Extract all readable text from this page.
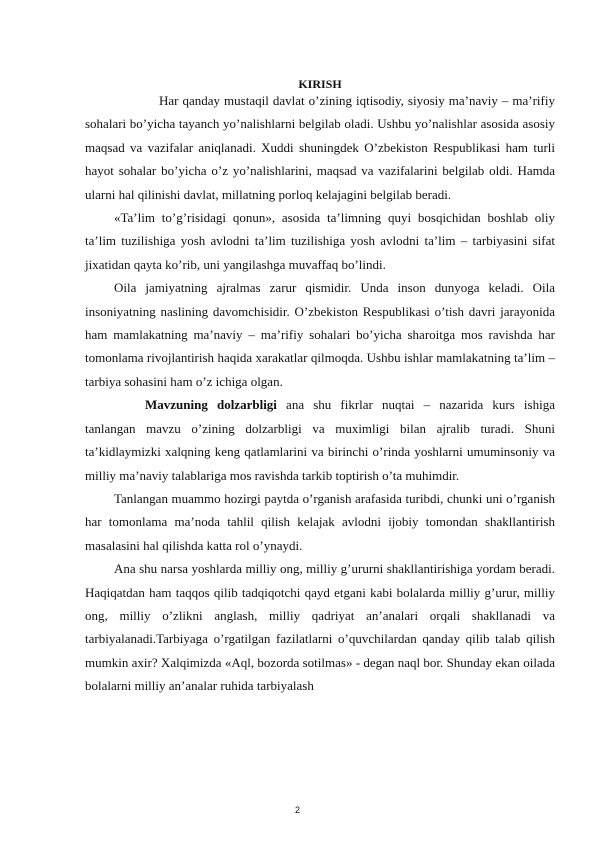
KIRISH

Har qanday mustaqil davlat o’zining iqtisodiy, siyosiy ma’naviy – ma’rifiy sohalari bo’yicha tayanch yo’nalishlarni belgilab oladi. Ushbu yo’nalishlar asosida asosiy maqsad va vazifalar aniqlanadi. Xuddi shuningdek O’zbekiston Respublikasi ham turli hayot sohalar bo’yicha o’z yo’nalishlarini, maqsad va vazifalarini belgilab oldi. Hamda ularni hal qilinishi davlat, millatning porloq kelajagini belgilab beradi.

«Ta’lim to’g’risidagi qonun», asosida ta’limning quyi bosqichidan boshlab oliy ta’lim tuzilishiga yosh avlodni ta’lim tuzilishiga yosh avlodni ta’lim – tarbiyasini sifat jixatidan qayta ko’rib, uni yangilashga muvaffaq bo’lindi.

Oila jamiyatning ajralmas zarur qismidir. Unda inson dunyoga keladi. Oila insoniyatning naslining davomchisidir. O’zbekiston Respublikasi o’tish davri jarayonida ham mamlakatning ma’naviy – ma’rifiy sohalari bo’yicha sharoitga mos ravishda har tomonlama rivojlantirish haqida xarakatlar qilmoqda. Ushbu ishlar mamlakatning ta’lim – tarbiya sohasini ham o’z ichiga olgan.

Mavzuning dolzarbligi ana shu fikrlar nuqtai – nazarida kurs ishiga tanlangan mavzu o’zining dolzarbligi va muximligi bilan ajralib turadi. Shuni ta’kidlaymizki xalqning keng qatlamlarini va birinchi o’rinda yoshlarni umuminsoniy va milliy ma’naviy talablariga mos ravishda tarkib toptirish o’ta muhimdir.

Tanlangan muammo hozirgi paytda o’rganish arafasida turibdi, chunki uni o’rganish har tomonlama ma’noda tahlil qilish kelajak avlodni ijobiy tomondan shakllantirish masalasini hal qilishda katta rol o’ynaydi.

Ana shu narsa yoshlarda milliy ong, milliy g’ururni shakllantirishiga yordam beradi. Haqiqatdan ham taqqos qilib tadqiqotchi qayd etgani kabi bolalarda milliy g’urur, milliy ong, milliy o’zlikni anglash, milliy qadriyat an’analari orqali shakllanadi va tarbiyalanadi.Tarbiyaga o’rgatilgan fazilatlarni o’quvchilardan qanday qilib talab qilish mumkin axir? Xalqimizda «Aql, bozorda sotilmas» - degan naql bor. Shunday ekan oilada bolalarni milliy an’analar ruhida tarbiyalash

2
